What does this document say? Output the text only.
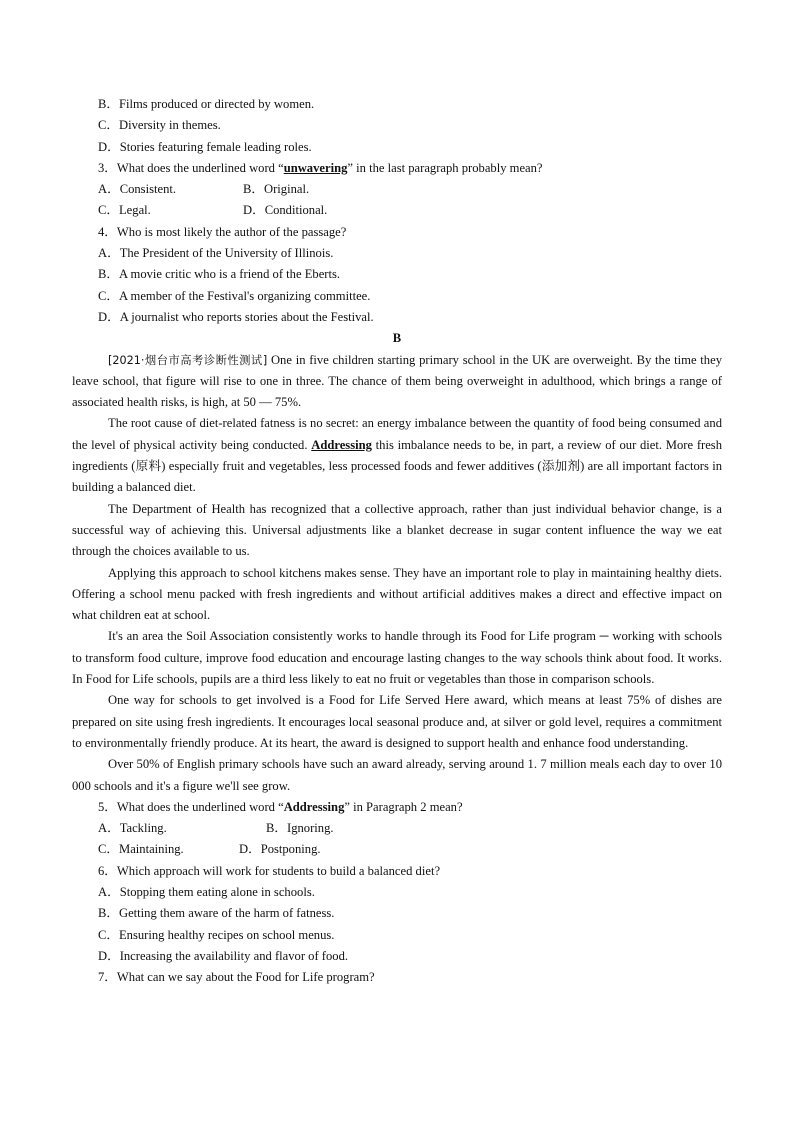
B．Films produced or directed by women.
C．Diversity in themes.
D．Stories featuring female leading roles.
3．What does the underlined word “unwavering” in the last paragraph probably mean?
A．Consistent.	B．Original.
C．Legal.	D．Conditional.
4．Who is most likely the author of the passage?
A．The President of the University of Illinois.
B．A movie critic who is a friend of the Eberts.
C．A member of the Festival's organizing committee.
D．A journalist who reports stories about the Festival.
B
[2021·烟台市高考诊断性测试] One in five children starting primary school in the UK are overweight. By the time they leave school, that figure will rise to one in three. The chance of them being overweight in adulthood, which brings a range of associated health risks, is high, at 50 — 75%.
The root cause of diet-related fatness is no secret: an energy imbalance between the quantity of food being consumed and the level of physical activity being conducted. Addressing this imbalance needs to be, in part, a review of our diet. More fresh ingredients (原料) especially fruit and vegetables, less processed foods and fewer additives (添加剂) are all important factors in building a balanced diet.
The Department of Health has recognized that a collective approach, rather than just individual behavior change, is a successful way of achieving this. Universal adjustments like a blanket decrease in sugar content influence the way we eat through the choices available to us.
Applying this approach to school kitchens makes sense. They have an important role to play in maintaining healthy diets. Offering a school menu packed with fresh ingredients and without artificial additives makes a direct and effective impact on what children eat at school.
It's an area the Soil Association consistently works to handle through its Food for Life program ─ working with schools to transform food culture, improve food education and encourage lasting changes to the way schools think about food. It works. In Food for Life schools, pupils are a third less likely to eat no fruit or vegetables than those in comparison schools.
One way for schools to get involved is a Food for Life Served Here award, which means at least 75% of dishes are prepared on site using fresh ingredients. It encourages local seasonal produce and, at silver or gold level, requires a commitment to environmentally friendly produce. At its heart, the award is designed to support health and enhance food understanding.
Over 50% of English primary schools have such an award already, serving around 1. 7 million meals each day to over 10 000 schools and it's a figure we'll see grow.
5．What does the underlined word “Addressing” in Paragraph 2 mean?
A．Tackling.	B．Ignoring.
C．Maintaining.	D．Postponing.
6．Which approach will work for students to build a balanced diet?
A．Stopping them eating alone in schools.
B．Getting them aware of the harm of fatness.
C．Ensuring healthy recipes on school menus.
D．Increasing the availability and flavor of food.
7．What can we say about the Food for Life program?
